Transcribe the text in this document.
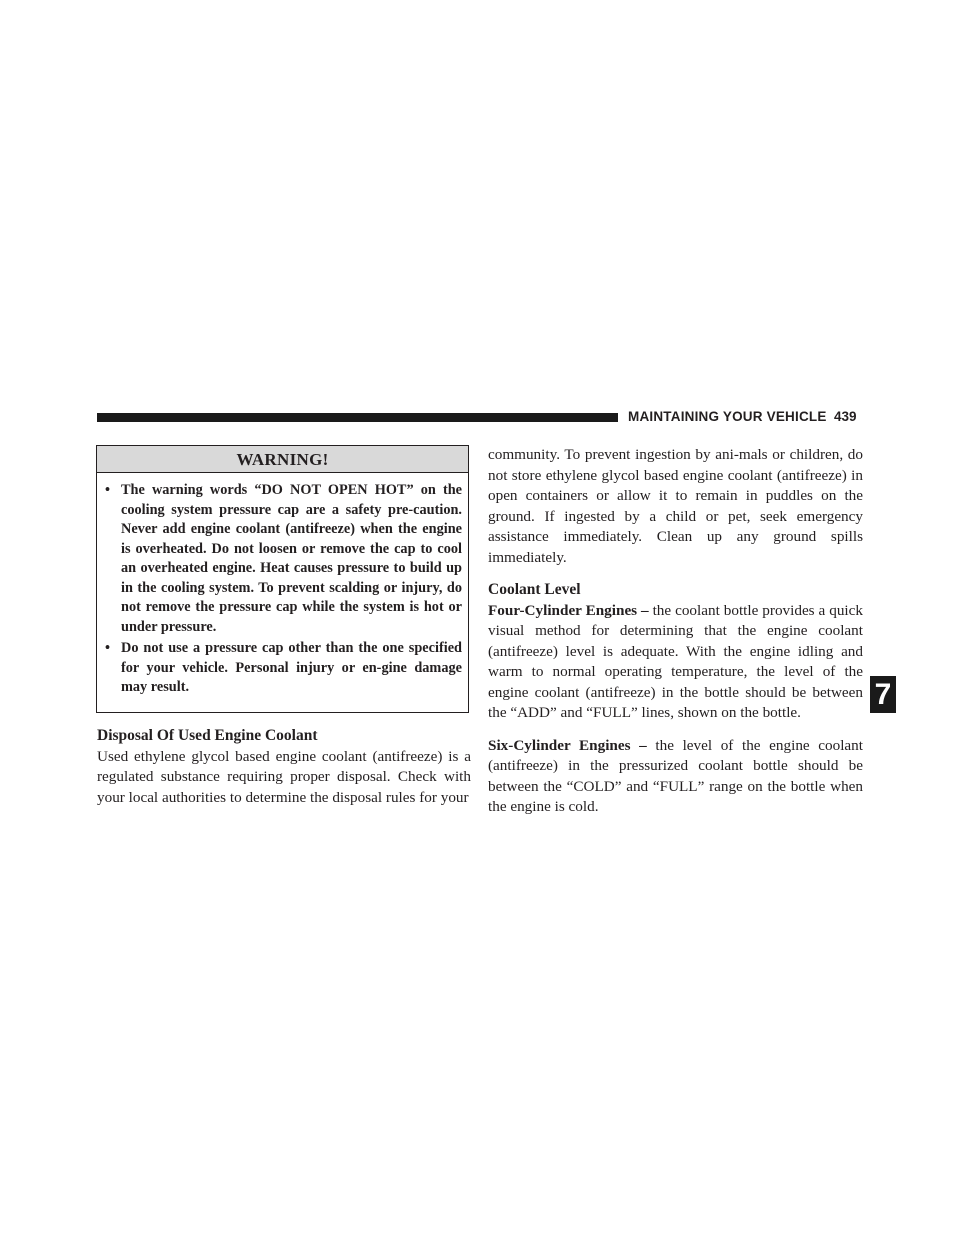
MAINTAINING YOUR VEHICLE 439
7
WARNING!
• The warning words “DO NOT OPEN HOT” on the cooling system pressure cap are a safety pre-caution. Never add engine coolant (antifreeze) when the engine is overheated. Do not loosen or remove the cap to cool an overheated engine. Heat causes pressure to build up in the cooling system. To prevent scalding or injury, do not remove the pressure cap while the system is hot or under pressure.
• Do not use a pressure cap other than the one specified for your vehicle. Personal injury or en-gine damage may result.
Disposal Of Used Engine Coolant

Used ethylene glycol based engine coolant (antifreeze) is a regulated substance requiring proper disposal. Check with your local authorities to determine the disposal rules for your

community. To prevent ingestion by ani-mals or children, do not store ethylene glycol based engine coolant (antifreeze) in open containers or allow it to remain in puddles on the ground. If ingested by a child or pet, seek emergency assistance immediately. Clean up any ground spills immediately.

Coolant Level

Four-Cylinder Engines – the coolant bottle provides a quick visual method for determining that the engine coolant (antifreeze) level is adequate. With the engine idling and warm to normal operating temperature, the level of the engine coolant (antifreeze) in the bottle should be between the “ADD” and “FULL” lines, shown on the bottle.

Six-Cylinder Engines – the level of the engine coolant (antifreeze) in the pressurized coolant bottle should be between the “COLD” and “FULL” range on the bottle when the engine is cold.
